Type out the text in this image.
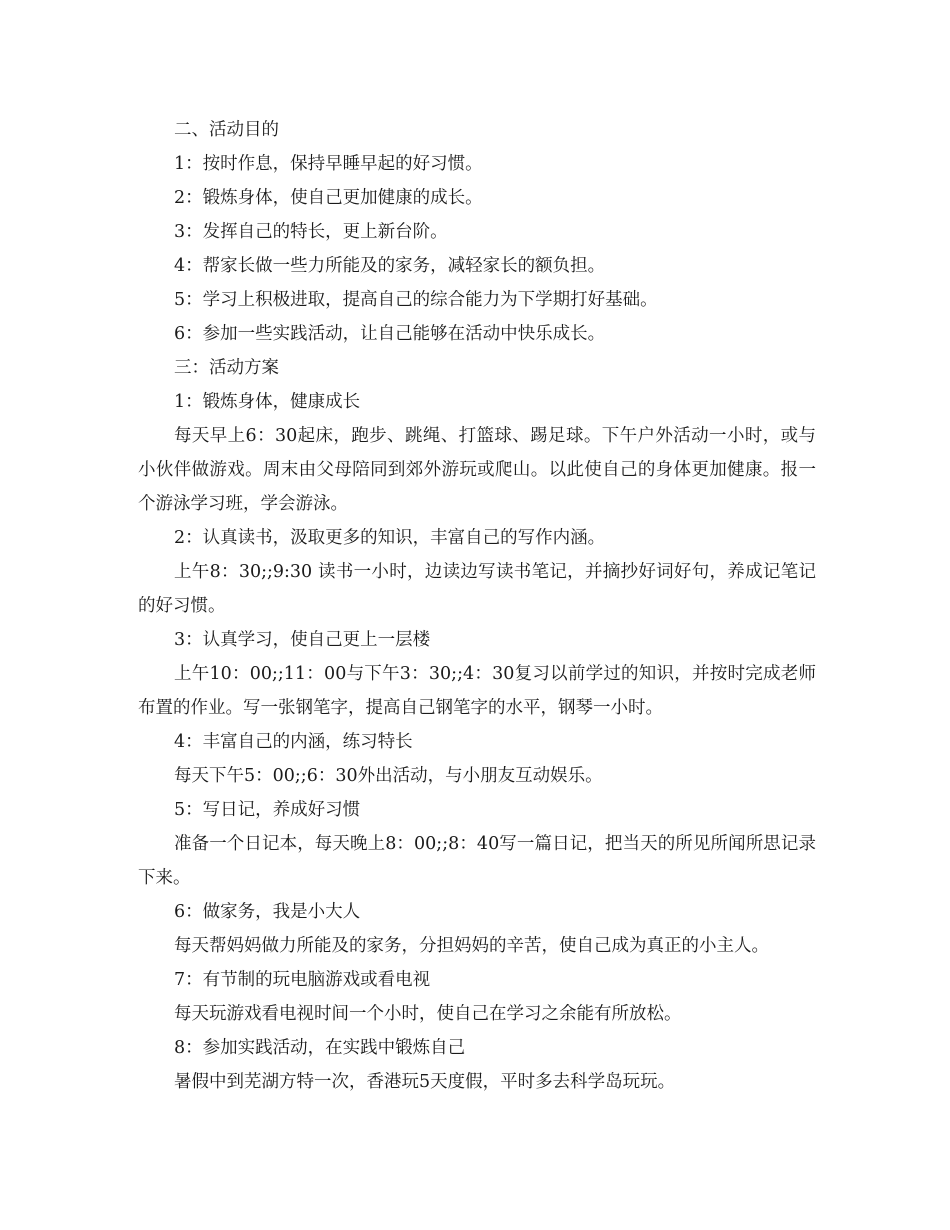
二、活动目的

1：按时作息，保持早睡早起的好习惯。

2：锻炼身体，使自己更加健康的成长。

3：发挥自己的特长，更上新台阶。

4：帮家长做一些力所能及的家务，减轻家长的额负担。

5：学习上积极进取，提高自己的综合能力为下学期打好基础。

6：参加一些实践活动，让自己能够在活动中快乐成长。

三：活动方案

1：锻炼身体，健康成长

每天早上6：30起床，跑步、跳绳、打篮球、踢足球。下午户外活动一小时，或与小伙伴做游戏。周末由父母陪同到郊外游玩或爬山。以此使自己的身体更加健康。报一个游泳学习班，学会游泳。

2：认真读书，汲取更多的知识，丰富自己的写作内涵。

上午8：30;;9:30 读书一小时，边读边写读书笔记，并摘抄好词好句，养成记笔记的好习惯。

3：认真学习，使自己更上一层楼

上午10：00;;11：00与下午3：30;;4：30复习以前学过的知识，并按时完成老师布置的作业。写一张钢笔字，提高自己钢笔字的水平，钢琴一小时。

4：丰富自己的内涵，练习特长

每天下午5：00;;6：30外出活动，与小朋友互动娱乐。

5：写日记，养成好习惯

准备一个日记本，每天晚上8：00;;8：40写一篇日记，把当天的所见所闻所思记录下来。

6：做家务，我是小大人

每天帮妈妈做力所能及的家务，分担妈妈的辛苦，使自己成为真正的小主人。

7：有节制的玩电脑游戏或看电视

每天玩游戏看电视时间一个小时，使自己在学习之余能有所放松。

8：参加实践活动，在实践中锻炼自己

暑假中到芜湖方特一次，香港玩5天度假，平时多去科学岛玩玩。
